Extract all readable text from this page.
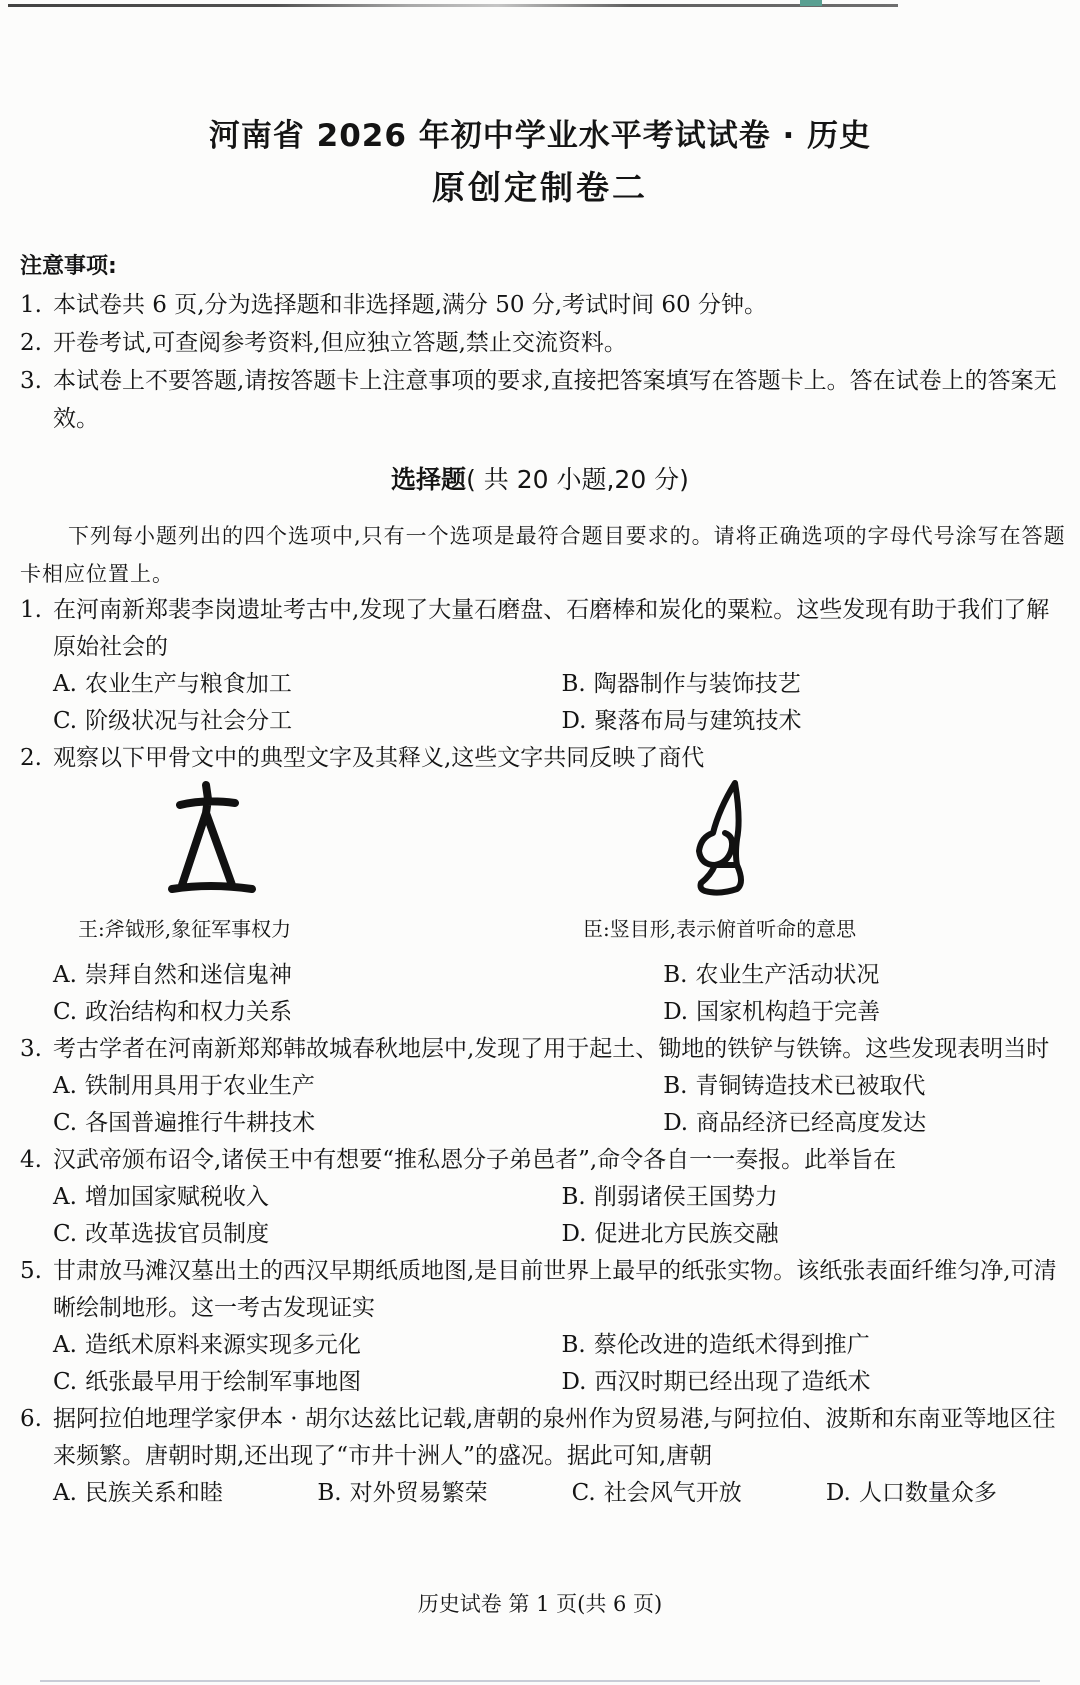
河南省 2026 年初中学业水平考试试卷 · 历史
原创定制卷二
注意事项:
1. 本试卷共 6 页,分为选择题和非选择题,满分 50 分,考试时间 60 分钟。
2. 开卷考试,可查阅参考资料,但应独立答题,禁止交流资料。
3. 本试卷上不要答题,请按答题卡上注意事项的要求,直接把答案填写在答题卡上。答在试卷上的答案无效。
选择题( 共 20 小题,20 分)
下列每小题列出的四个选项中,只有一个选项是最符合题目要求的。请将正确选项的字母代号涂写在答题卡相应位置上。
1. 在河南新郑裴李岗遗址考古中,发现了大量石磨盘、石磨棒和炭化的粟粒。这些发现有助于我们了解原始社会的
A. 农业生产与粮食加工	B. 陶器制作与装饰技艺
C. 阶级状况与社会分工	D. 聚落布局与建筑技术
2. 观察以下甲骨文中的典型文字及其释义,这些文字共同反映了商代
王:斧钺形,象征军事权力	臣:竖目形,表示俯首听命的意思
A. 崇拜自然和迷信鬼神	B. 农业生产活动状况
C. 政治结构和权力关系	D. 国家机构趋于完善
3. 考古学者在河南新郑郑韩故城春秋地层中,发现了用于起土、锄地的铁铲与铁锛。这些发现表明当时
A. 铁制用具用于农业生产	B. 青铜铸造技术已被取代
C. 各国普遍推行牛耕技术	D. 商品经济已经高度发达
4. 汉武帝颁布诏令,诸侯王中有想要“推私恩分子弟邑者”,命令各自一一奏报。此举旨在
A. 增加国家赋税收入	B. 削弱诸侯王国势力
C. 改革选拔官员制度	D. 促进北方民族交融
5. 甘肃放马滩汉墓出土的西汉早期纸质地图,是目前世界上最早的纸张实物。该纸张表面纤维匀净,可清晰绘制地形。这一考古发现证实
A. 造纸术原料来源实现多元化	B. 蔡伦改进的造纸术得到推广
C. 纸张最早用于绘制军事地图	D. 西汉时期已经出现了造纸术
6. 据阿拉伯地理学家伊本 · 胡尔达兹比记载,唐朝的泉州作为贸易港,与阿拉伯、波斯和东南亚等地区往来频繁。唐朝时期,还出现了“市井十洲人”的盛况。据此可知,唐朝
A. 民族关系和睦	B. 对外贸易繁荣	C. 社会风气开放	D. 人口数量众多
历史试卷 第 1 页(共 6 页)
